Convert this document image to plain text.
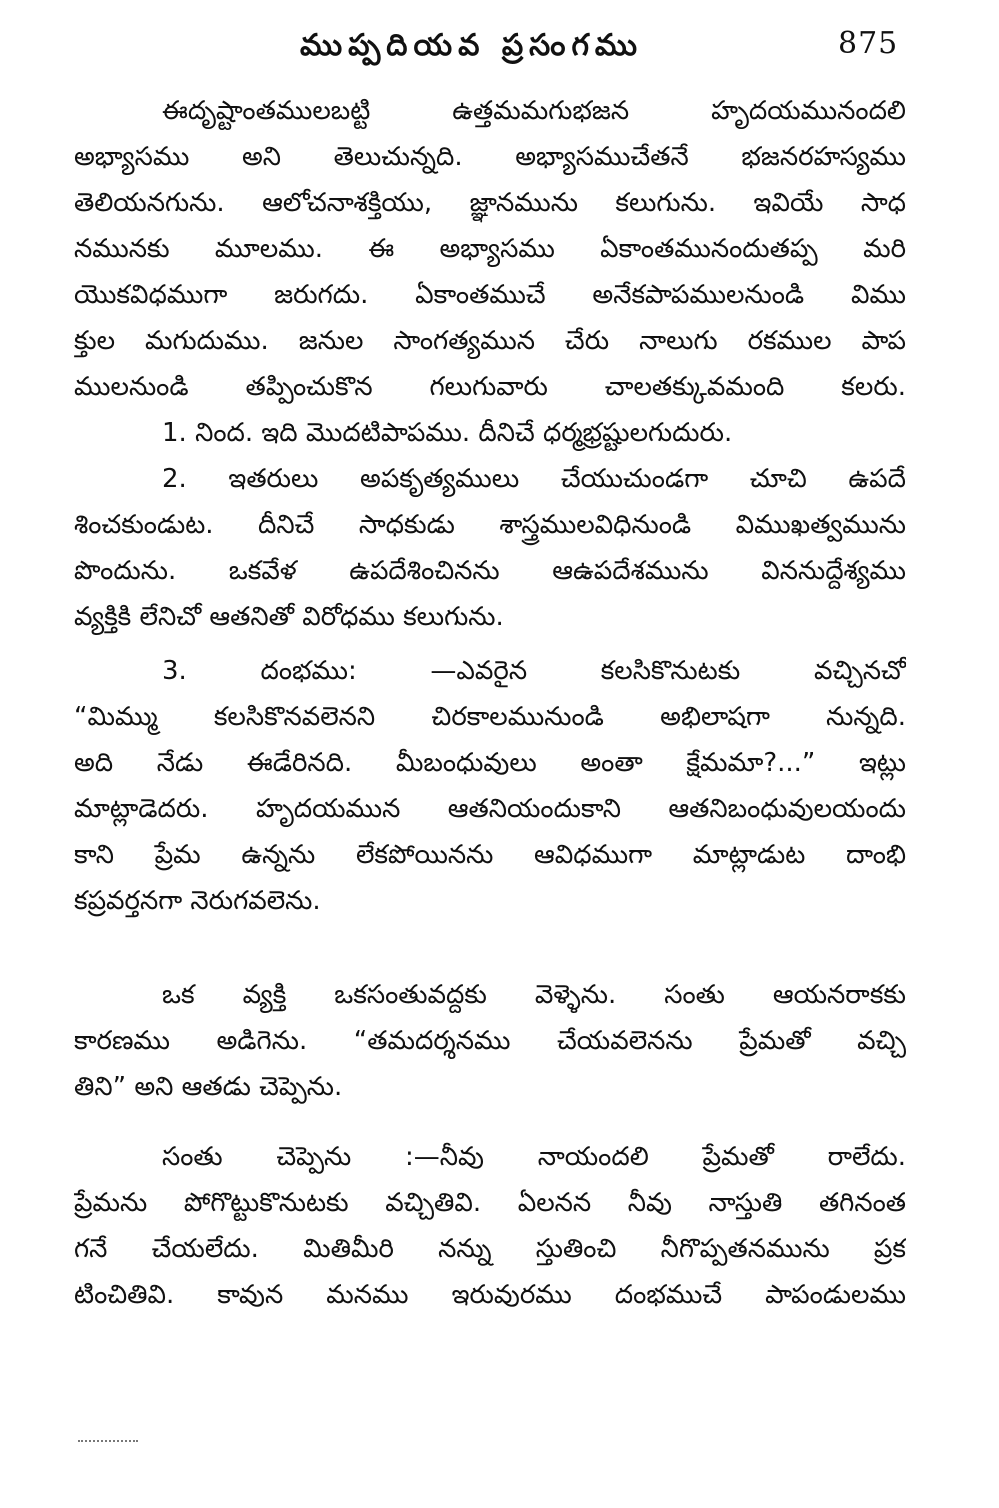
ముప్పదియవ ప్రసంగము	875
ఈదృష్టాంతములబట్టి ఉత్తమమగుభజన హృదయమునందలి
అభ్యాసము అని తెలుచున్నది. అభ్యాసముచేతనే భజనరహస్యము
తెలియనగును. ఆలోచనాశక్తియు, జ్ఞానమును కలుగును. ఇవియే సాధ
నమునకు మూలము. ఈ అభ్యాసము ఏకాంతమునందుతప్ప మరి
యొకవిధముగా జరుగదు. ఏకాంతముచే అనేకపాపములనుండి విము
క్తుల మగుదుము. జనుల సాంగత్యమున చేరు నాలుగు రకముల పాప
ములనుండి తప్పించుకొన గలుగువారు చాలతక్కువమంది కలరు.
1. నింద. ఇది మొదటిపాపము. దీనిచే ధర్మభ్రష్టులగుదురు.
2. ఇతరులు అపకృత్యములు చేయుచుండగా చూచి ఉపదే
శించకుండుట. దీనిచే సాధకుడు శాస్త్రములవిధినుండి విముఖత్వమును
పొందును. ఒకవేళ ఉపదేశించినను ఆఉపదేశమును విననుద్దేశ్యము
వ్యక్తికి లేనిచో ఆతనితో విరోధము కలుగును.
3. దంభము: —ఎవరైన కలసికొనుటకు వచ్చినచో
“మిమ్ము కలసికొనవలెనని చిరకాలమునుండి అభిలాషగా నున్నది.
అది నేడు ఈడేరినది. మీబంధువులు అంతా క్షేమమా?...” ఇట్లు
మాట్లాడెదరు. హృదయమున ఆతనియందుకాని ఆతనిబంధువులయందు
కాని ప్రేమ ఉన్నను లేకపోయినను ఆవిధముగా మాట్లాడుట దాంభి
కప్రవర్తనగా నెరుగవలెను.
ఒక వ్యక్తి ఒకసంతువద్దకు వెళ్ళెను. సంతు ఆయనరాకకు
కారణము అడిగెను. “తమదర్శనము చేయవలెనను ప్రేమతో వచ్చి
తిని” అని ఆతడు చెప్పెను.
సంతు చెప్పెను :—నీవు నాయందలి ప్రేమతో రాలేదు.
ప్రేమను పోగొట్టుకొనుటకు వచ్చితివి. ఏలనన నీవు నాస్తుతి తగినంత
గనే చేయలేదు. మితిమీరి నన్ను స్తుతించి నీగొప్పతనమును ప్రక
టించితివి. కావున మనము ఇరువురము దంభముచే పాపండులము
